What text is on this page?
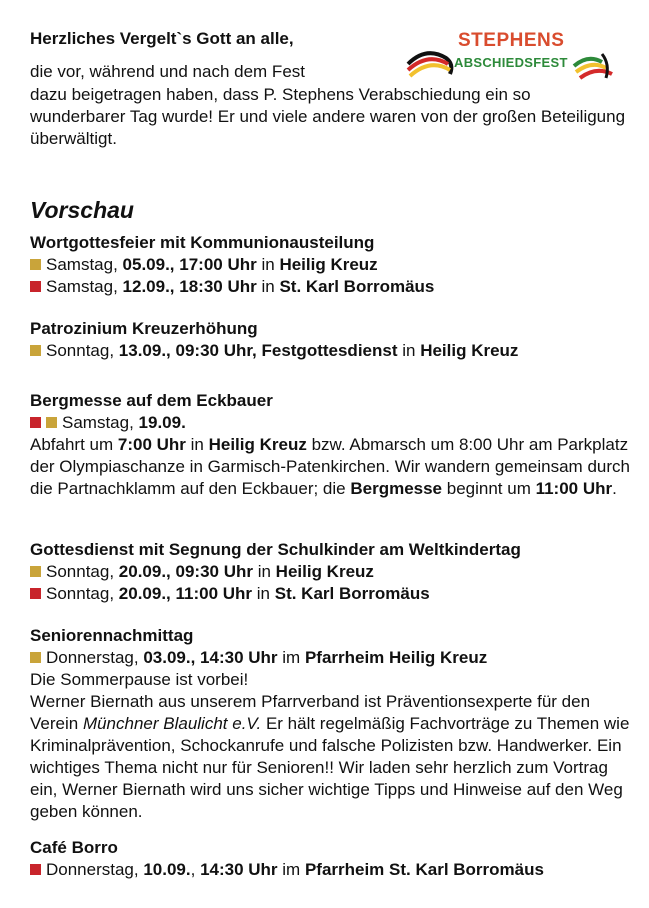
Herzliches Vergelt`s Gott an alle,
die vor, während und nach dem Fest
dazu beigetragen haben, dass P. Stephens Verabschiedung ein so wunderbarer Tag wurde! Er und viele andere waren von der großen Beteiligung überwältigt.
STEPHENS
ABSCHIEDSFEST
Vorschau
Wortgottesfeier mit Kommunionausteilung
Samstag, 05.09., 17:00 Uhr in Heilig Kreuz
Samstag, 12.09., 18:30 Uhr in St. Karl Borromäus
Patrozinium Kreuzerhöhung
Sonntag, 13.09., 09:30 Uhr, Festgottesdienst in Heilig Kreuz
Bergmesse auf dem Eckbauer
Samstag, 19.09.
Abfahrt um 7:00 Uhr in Heilig Kreuz bzw. Abmarsch um 8:00 Uhr am Parkplatz der Olympiaschanze in Garmisch-Patenkirchen. Wir wandern gemeinsam durch die Partnachklamm auf den Eckbauer; die Bergmesse beginnt um 11:00 Uhr.
Gottesdienst mit Segnung der Schulkinder am Weltkindertag
Sonntag, 20.09., 09:30 Uhr in Heilig Kreuz
Sonntag, 20.09., 11:00 Uhr in St. Karl Borromäus
Seniorennachmittag
Donnerstag, 03.09., 14:30 Uhr im Pfarrheim Heilig Kreuz
Die Sommerpause ist vorbei!
Werner Biernath aus unserem Pfarrverband ist Präventionsexperte für den Verein Münchner Blaulicht e.V. Er hält regelmäßig Fachvorträge zu Themen wie Kriminalprävention, Schockanrufe und falsche Polizisten bzw. Handwerker. Ein wichtiges Thema nicht nur für Senioren!! Wir laden sehr herzlich zum Vortrag ein, Werner Biernath wird uns sicher wichtige Tipps und Hinweise auf den Weg geben können.
Café Borro
Donnerstag, 10.09., 14:30 Uhr im Pfarrheim St. Karl Borromäus
